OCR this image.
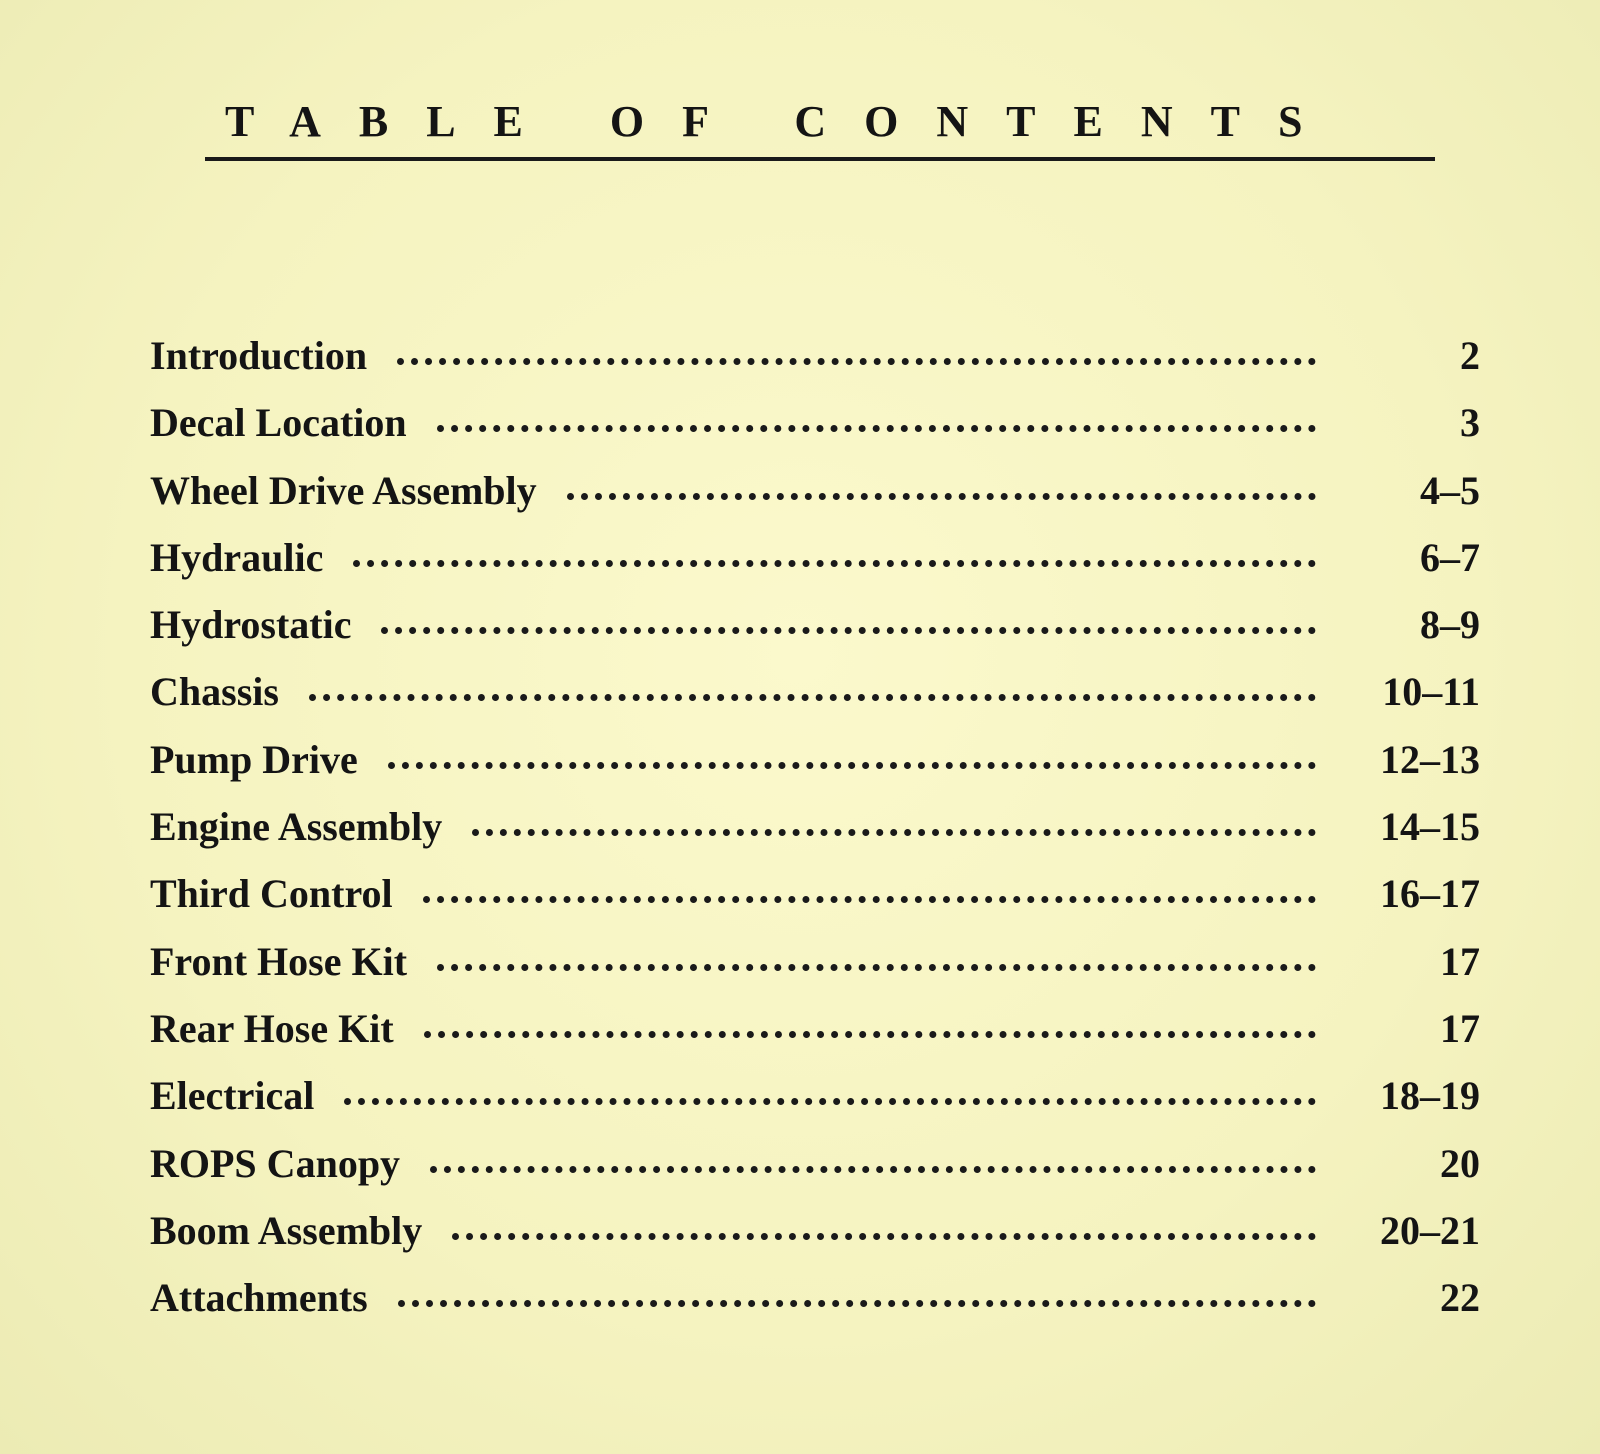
TABLE OF CONTENTS
Introduction	2
Decal Location	3
Wheel Drive Assembly	4–5
Hydraulic	6–7
Hydrostatic	8–9
Chassis	10–11
Pump Drive	12–13
Engine Assembly	14–15
Third Control	16–17
Front Hose Kit	17
Rear Hose Kit	17
Electrical	18–19
ROPS Canopy	20
Boom Assembly	20–21
Attachments	22
